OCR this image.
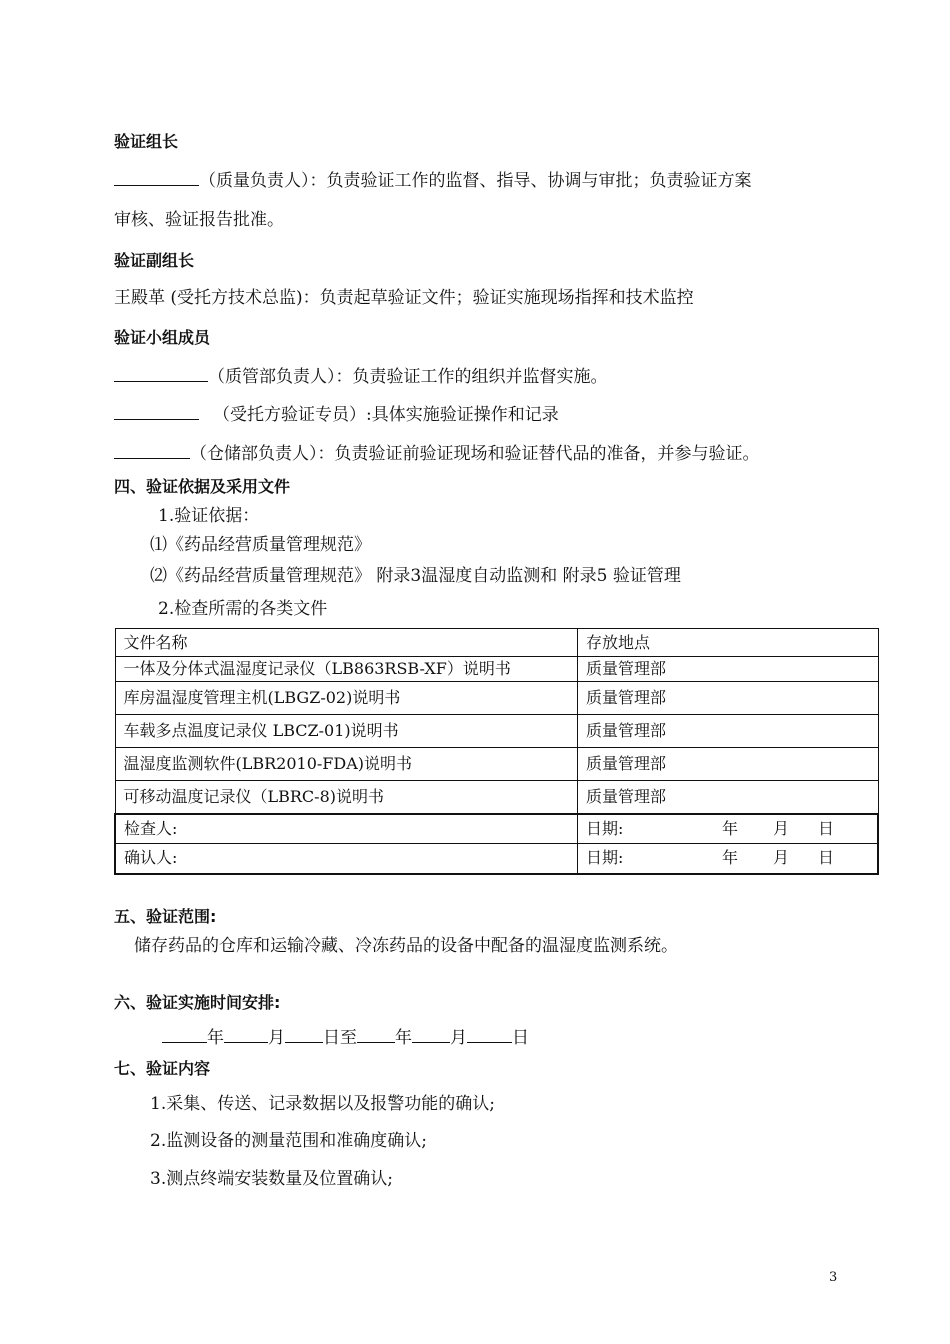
验证组长
（质量负责人）：负责验证工作的监督、指导、协调与审批；负责验证方案
审核、验证报告批准。
验证副组长
王殿革 (受托方技术总监)：负责起草验证文件；验证实施现场指挥和技术监控
验证小组成员
（质管部负责人）：负责验证工作的组织并监督实施。
（受托方验证专员）:具体实施验证操作和记录
（仓储部负责人）：负责验证前验证现场和验证替代品的准备，并参与验证。
四、验证依据及采用文件
1.验证依据：
⑴《药品经营质量管理规范》
⑵《药品经营质量管理规范》 附录3温湿度自动监测和 附录5 验证管理
2.检查所需的各类文件
文件名称	存放地点
一体及分体式温湿度记录仪（LB863RSB-XF）说明书	质量管理部
库房温湿度管理主机(LBGZ-02)说明书	质量管理部
车载多点温度记录仪 LBCZ-01)说明书	质量管理部
温湿度监测软件(LBR2010-FDA)说明书	质量管理部
可移动温度记录仪（LBRC-8)说明书	质量管理部
检查人:	日期: 年 月 日

确认人:	日期: 年 月 日
五、验证范围:
储存药品的仓库和运输冷藏、冷冻药品的设备中配备的温湿度监测系统。
六、验证实施时间安排:
年	月 日至 年 月	日
七、验证内容
1.采集、传送、记录数据以及报警功能的确认;
2.监测设备的测量范围和准确度确认;
3.测点终端安装数量及位置确认;
3
